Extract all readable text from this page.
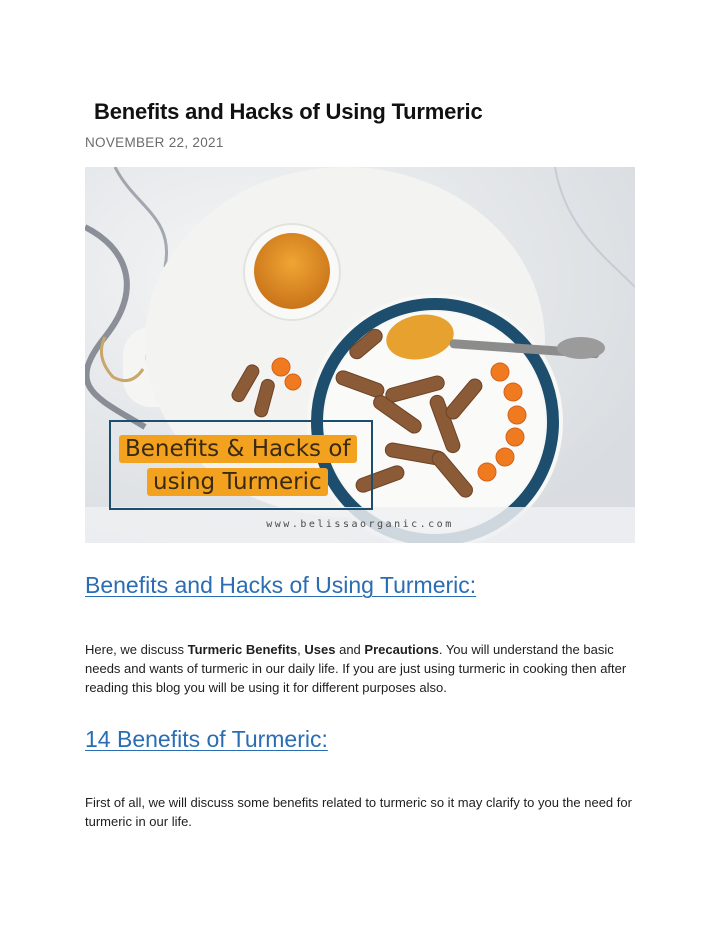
Benefits and Hacks of Using Turmeric
NOVEMBER 22, 2021
Benefits & Hacks of
using Turmeric
www.belissaorganic.com
Benefits and Hacks of Using Turmeric:
Here, we discuss Turmeric Benefits, Uses and Precautions. You will understand the basic needs and wants of turmeric in our daily life. If you are just using turmeric in cooking then after reading this blog you will be using it for different purposes also.
14 Benefits of Turmeric:
First of all, we will discuss some benefits related to turmeric so it may clarify to you the need for turmeric in our life.
